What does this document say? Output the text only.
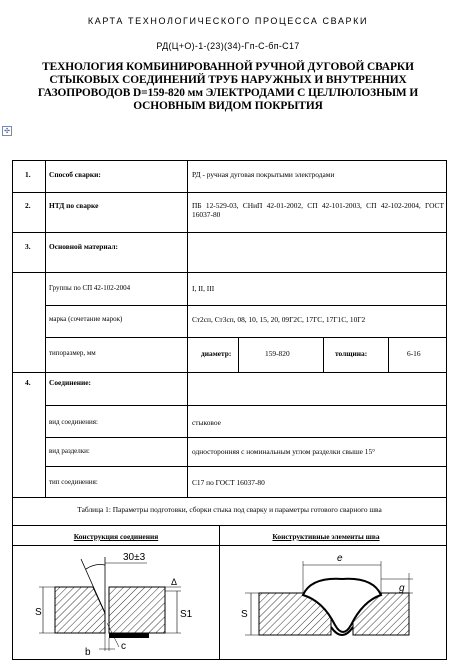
КАРТА ТЕХНОЛОГИЧЕСКОГО ПРОЦЕССА СВАРКИ
РД(Ц+О)-1-(23)(34)-Гп-С-бп-С17
ТЕХНОЛОГИЯ КОМБИНИРОВАННОЙ РУЧНОЙ ДУГОВОЙ СВАРКИ
СТЫКОВЫХ СОЕДИНЕНИЙ ТРУБ НАРУЖНЫХ И ВНУТРЕННИХ
ГАЗОПРОВОДОВ D=159-820 мм ЭЛЕКТРОДАМИ С ЦЕЛЛЮЛОЗНЫМ И
ОСНОВНЫМ ВИДОМ ПОКРЫТИЯ
✣
1. Способ сварки:	РД - ручная дуговая покрытыми электродами
2. НТД по сварке	ПБ 12-529-03, СНиП 42-01-2002, СП 42-101-2003, СП 42-102-2004, ГОСТ 16037-80
3. Основной материал:
Группы по СП 42-102-2004	I, II, III
марка (сочетание марок)	Ст2сп, Ст3сп, 08, 10, 15, 20, 09Г2С, 17ГС, 17Г1С, 10Г2
типоразмер, мм	диаметр:	159-820	толщина:	6-16
4. Соединение:
вид соединения:	стыковое
вид разделки:	односторонняя с номинальным углом разделки свыше 15°
тип соединения:	С17 по ГОСТ 16037-80
Таблица 1: Параметры подготовки, сборки стыка под сварку и параметры готового сварного шва
Конструкция соединения	Конструктивные элементы шва
30±3
S	S1
Δ
b
c
e
g
S
